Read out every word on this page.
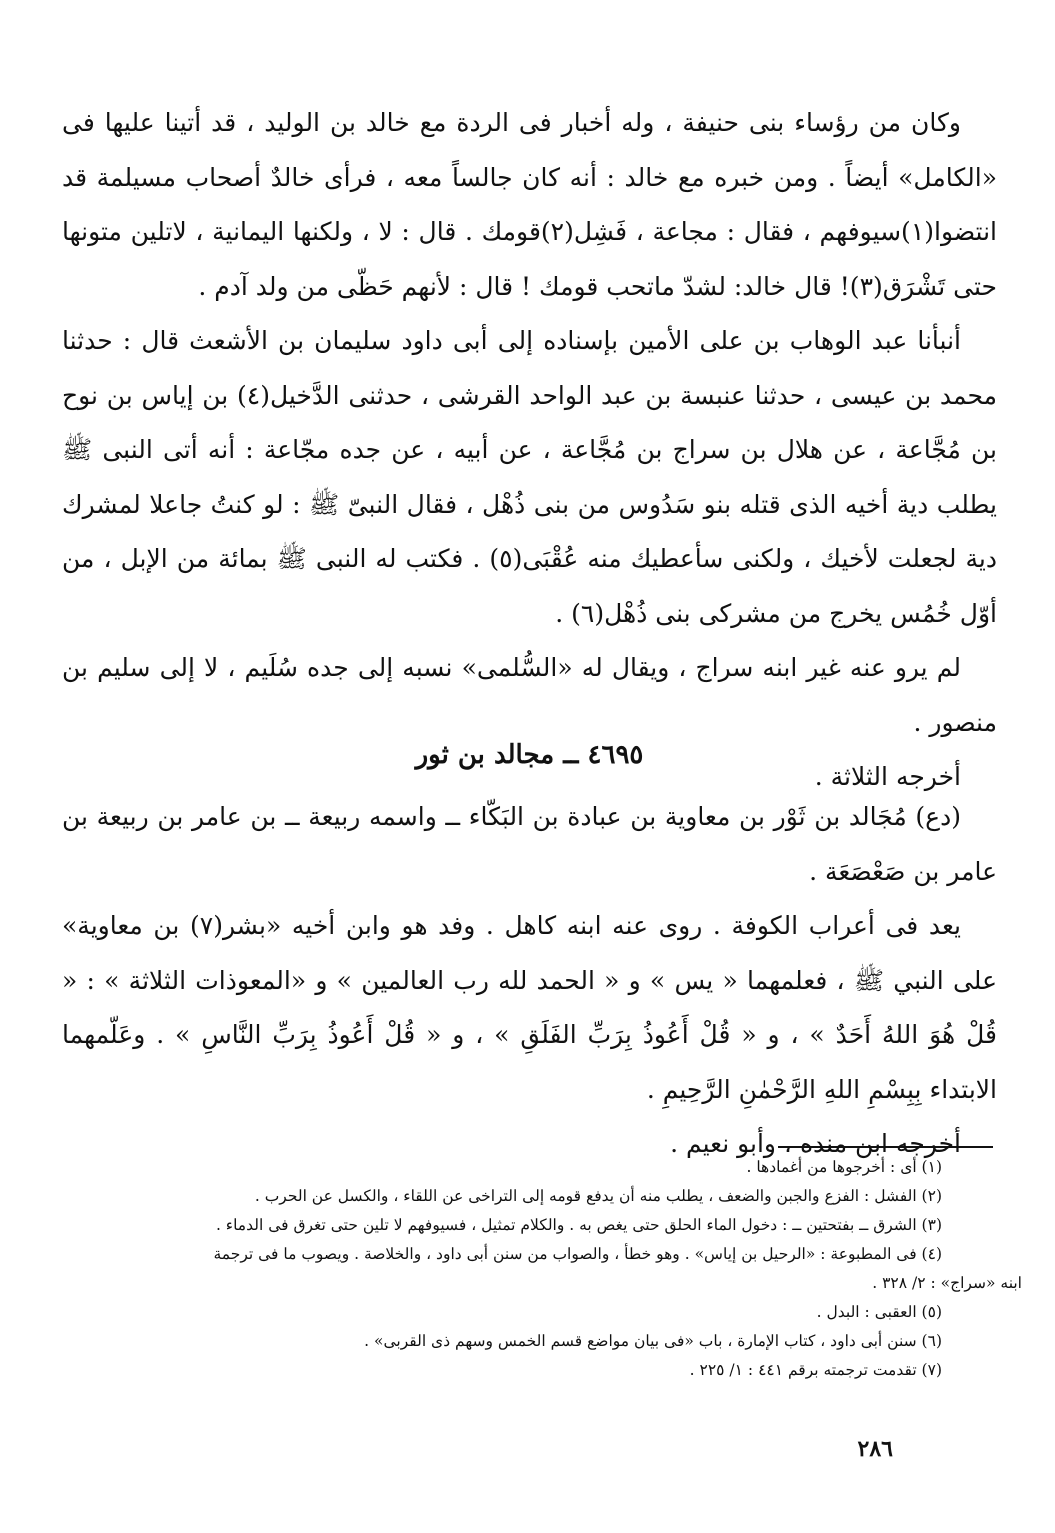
وكان من رؤساء بنى حنيفة ، وله أخبار فى الردة مع خالد بن الوليد ، قد أتينا عليها فى «الكامل» أيضاً . ومن خبره مع خالد : أنه كان جالساً معه ، فرأى خالدٌ أصحاب مسيلمة قد انتضوا(١)سيوفهم ، فقال : مجاعة ، فَشِل(٢)قومك . قال : لا ، ولكنها اليمانية ، لاتلين متونها حتى تَشْرَق(٣)! قال خالد: لشدّ ماتحب قومك ! قال : لأنهم حَظّى من ولد آدم .

أنبأنا عبد الوهاب بن على الأمين بإسناده إلى أبى داود سليمان بن الأشعث قال : حدثنا محمد بن عيسى ، حدثنا عنبسة بن عبد الواحد القرشى ، حدثنى الدَّخيل(٤) بن إياس بن نوح بن مُجَّاعة ، عن هلال بن سراج بن مُجَّاعة ، عن أبيه ، عن جده مجّاعة : أنه أتى النبى ﷺ يطلب دية أخيه الذى قتله بنو سَدُوس من بنى ذُهْل ، فقال النبىّ ﷺ : لو كنتُ جاعلا لمشرك دية لجعلت لأخيك ، ولكنى سأعطيك منه عُقْبَى(٥) . فكتب له النبى ﷺ بمائة من الإبل ، من أوّل خُمُس يخرج من مشركى بنى ذُهْل(٦) .

لم يرو عنه غير ابنه سراج ، ويقال له «السُّلمى» نسبه إلى جده سُلَيم ، لا إلى سليم بن منصور .

أخرجه الثلاثة .

٤٦٩٥ ــ مجالد بن ثور

(دع) مُجَالد بن ثَوْر بن معاوية بن عبادة بن البَكّاء ــ واسمه ربيعة ــ بن عامر بن ربيعة بن عامر بن صَعْصَعَة .

يعد فى أعراب الكوفة . روى عنه ابنه كاهل . وفد هو وابن أخيه «بشر(٧) بن معاوية» على النبي ﷺ ، فعلمهما « يس » و « الحمد لله رب العالمين » و «المعوذات الثلاثة » : « قُلْ هُوَ اللهُ أَحَدٌ » ، و « قُلْ أَعُوذُ بِرَبِّ الفَلَقِ » ، و « قُلْ أَعُوذُ بِرَبِّ النَّاسِ » . وعَلّمهما الابتداء بِبِسْمِ اللهِ الرَّحْمٰنِ الرَّحِيمِ .

أخرجه ابن منده ، وأبو نعيم .

(١) أى : أخرجوها من أغمادها .

(٢) الفشل : الفزع والجبن والضعف ، يطلب منه أن يدفع قومه إلى التراخى عن اللقاء ، والكسل عن الحرب .

(٣) الشرق ــ بفتحتين ــ : دخول الماء الحلق حتى يغص به . والكلام تمثيل ، فسيوفهم لا تلين حتى تغرق فى الدماء .

(٤) فى المطبوعة : «الرحيل بن إياس» . وهو خطأ ، والصواب من سنن أبى داود ، والخلاصة . ويصوب ما فى ترجمة

ابنه «سراج» : ٢/ ٣٢٨ .

(٥) العقبى : البدل .

(٦) سنن أبى داود ، كتاب الإمارة ، باب «فى بيان مواضع قسم الخمس وسهم ذى القربى» .

(٧) تقدمت ترجمته برقم ٤٤١ : ١/ ٢٢٥ .

٢٨٦
